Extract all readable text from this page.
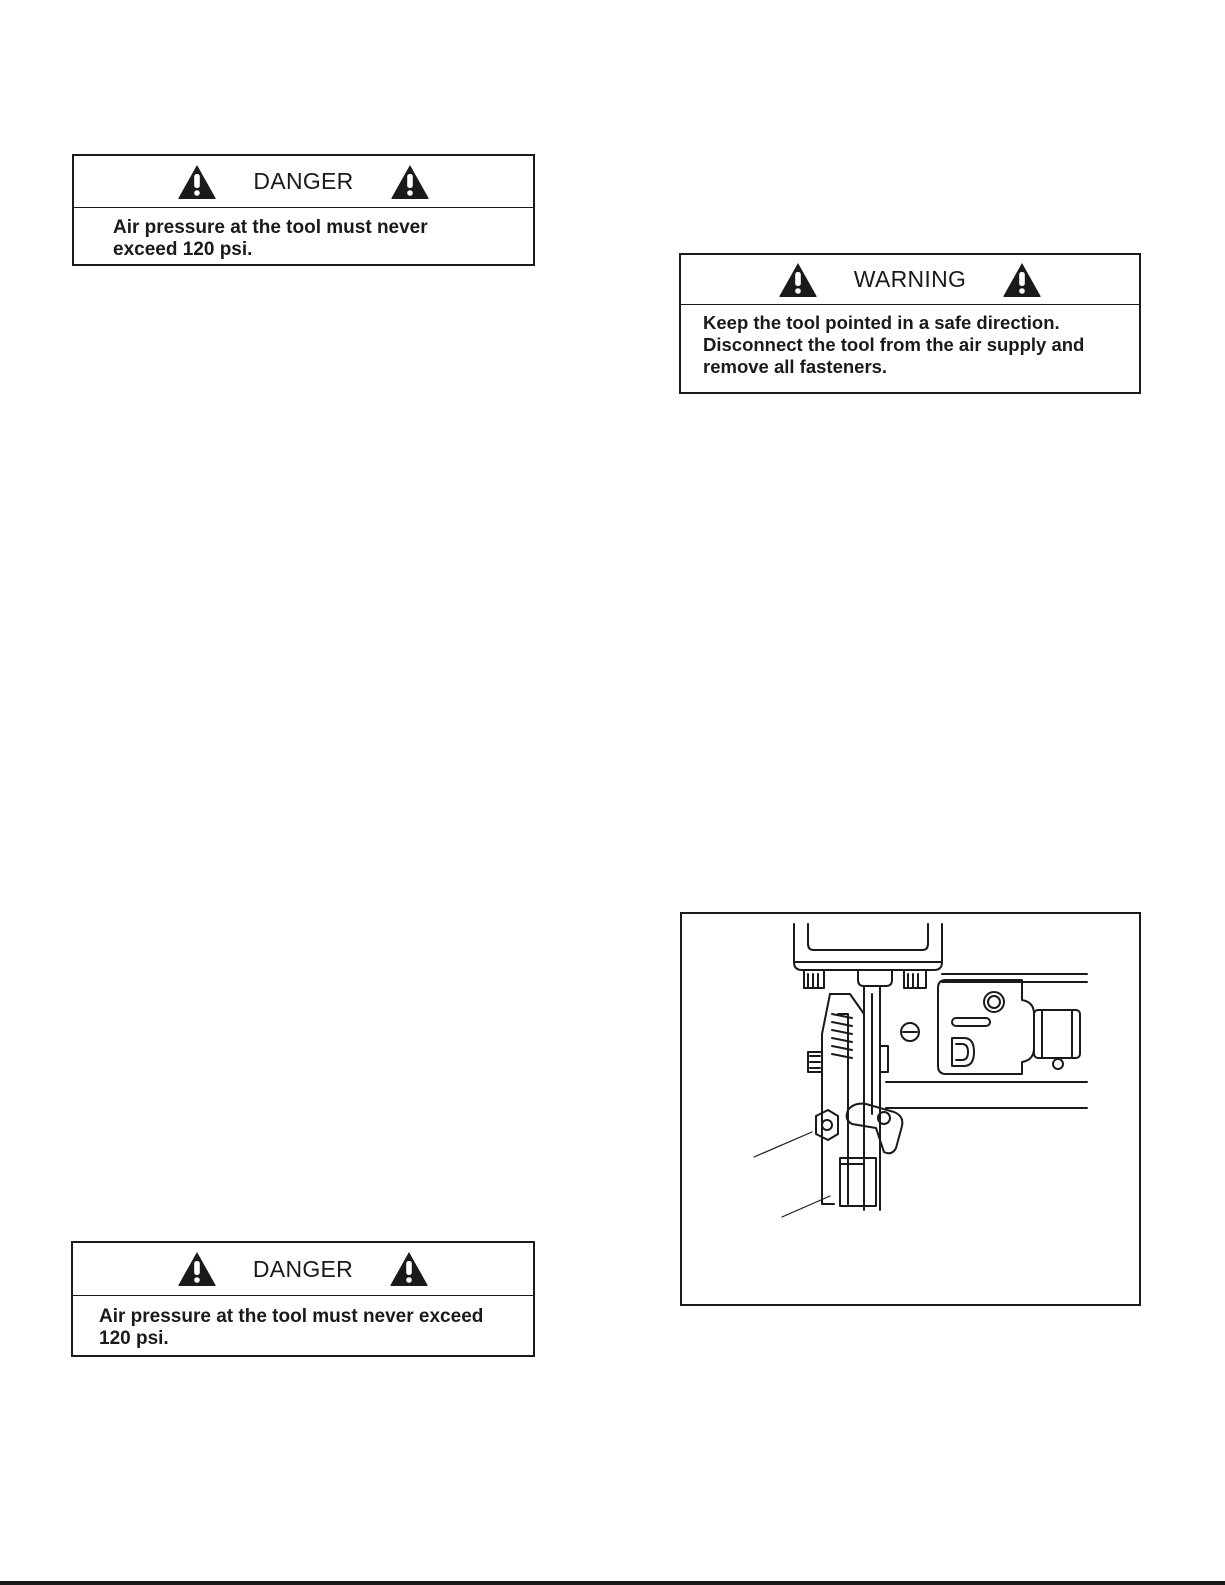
DANGER
Air pressure at the tool must never exceed 120 psi.
WARNING
Keep the tool pointed in a safe direction.
Disconnect the tool from the air supply and
remove all fasteners.
DANGER
Air pressure at the tool must never exceed 120 psi.
